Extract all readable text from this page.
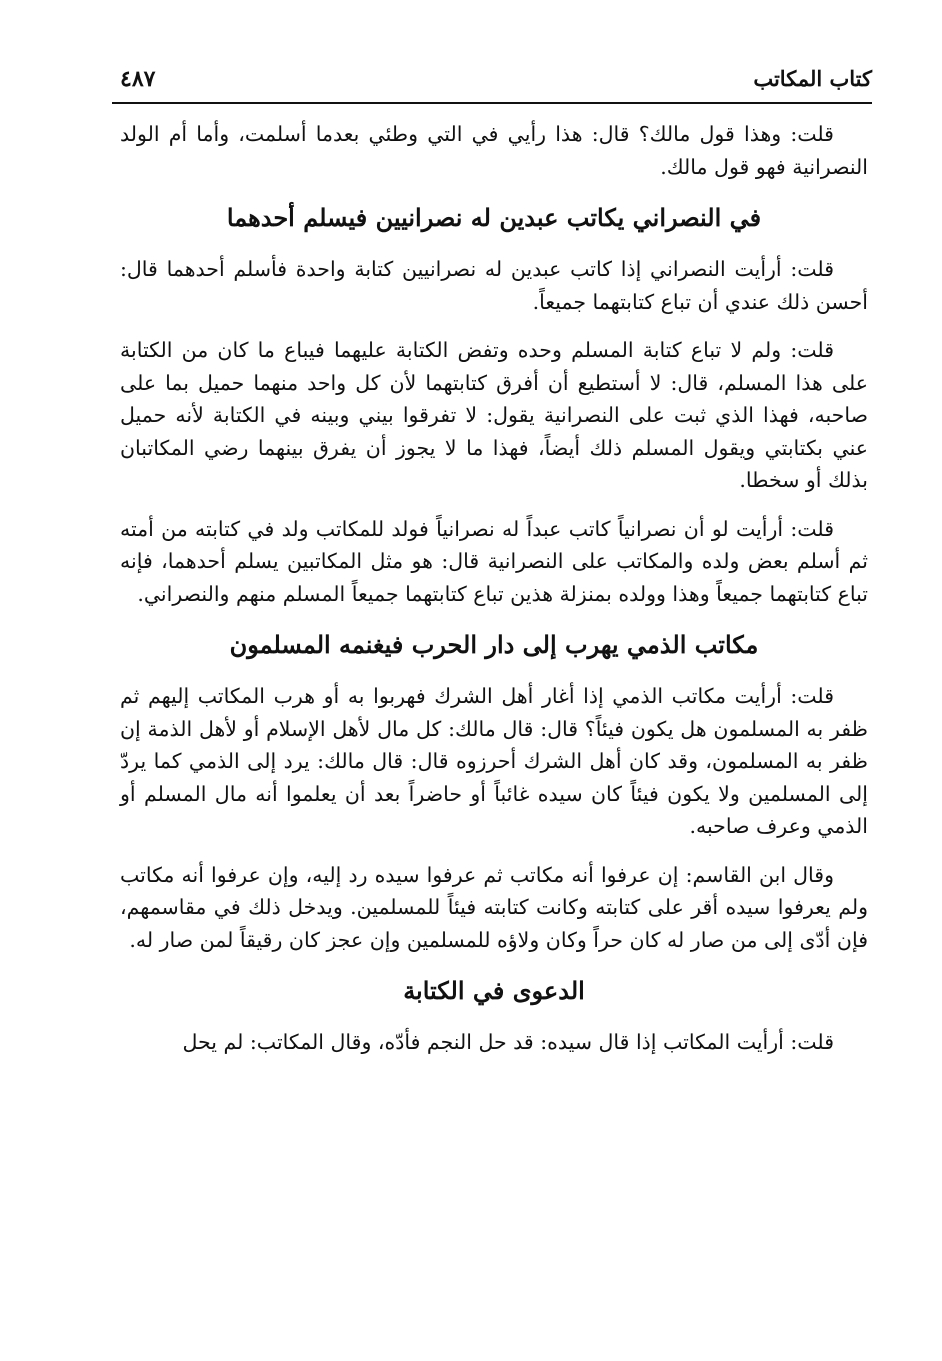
كتاب المكاتب
٤٨٧

قلت: وهذا قول مالك؟ قال: هذا رأيي في التي وطئي بعدما أسلمت، وأما أم الولد النصرانية فهو قول مالك.

في النصراني يكاتب عبدين له نصرانيين فيسلم أحدهما

قلت: أرأيت النصراني إذا كاتب عبدين له نصرانيين كتابة واحدة فأسلم أحدهما قال: أحسن ذلك عندي أن تباع كتابتهما جميعاً.

قلت: ولم لا تباع كتابة المسلم وحده وتفض الكتابة عليهما فيباع ما كان من الكتابة على هذا المسلم، قال: لا أستطيع أن أفرق كتابتهما لأن كل واحد منهما حميل بما على صاحبه، فهذا الذي ثبت على النصرانية يقول: لا تفرقوا بيني وبينه في الكتابة لأنه حميل عني بكتابتي ويقول المسلم ذلك أيضاً، فهذا ما لا يجوز أن يفرق بينهما رضي المكاتبان بذلك أو سخطا.

قلت: أرأيت لو أن نصرانياً كاتب عبداً له نصرانياً فولد للمكاتب ولد في كتابته من أمته ثم أسلم بعض ولده والمكاتب على النصرانية قال: هو مثل المكاتبين يسلم أحدهما، فإنه تباع كتابتهما جميعاً وهذا وولده بمنزلة هذين تباع كتابتهما جميعاً المسلم منهم والنصراني.

مكاتب الذمي يهرب إلى دار الحرب فيغنمه المسلمون

قلت: أرأيت مكاتب الذمي إذا أغار أهل الشرك فهربوا به أو هرب المكاتب إليهم ثم ظفر به المسلمون هل يكون فيئاً؟ قال: قال مالك: كل مال لأهل الإسلام أو لأهل الذمة إن ظفر به المسلمون، وقد كان أهل الشرك أحرزوه قال: قال مالك: يرد إلى الذمي كما يردّ إلى المسلمين ولا يكون فيئاً كان سيده غائباً أو حاضراً بعد أن يعلموا أنه مال المسلم أو الذمي وعرف صاحبه.

وقال ابن القاسم: إن عرفوا أنه مكاتب ثم عرفوا سيده رد إليه، وإن عرفوا أنه مكاتب ولم يعرفوا سيده أقر على كتابته وكانت كتابته فيئاً للمسلمين. ويدخل ذلك في مقاسمهم، فإن أدّى إلى من صار له كان حراً وكان ولاؤه للمسلمين وإن عجز كان رقيقاً لمن صار له.

الدعوى في الكتابة

قلت: أرأيت المكاتب إذا قال سيده: قد حل النجم فأدّه، وقال المكاتب: لم يحل
